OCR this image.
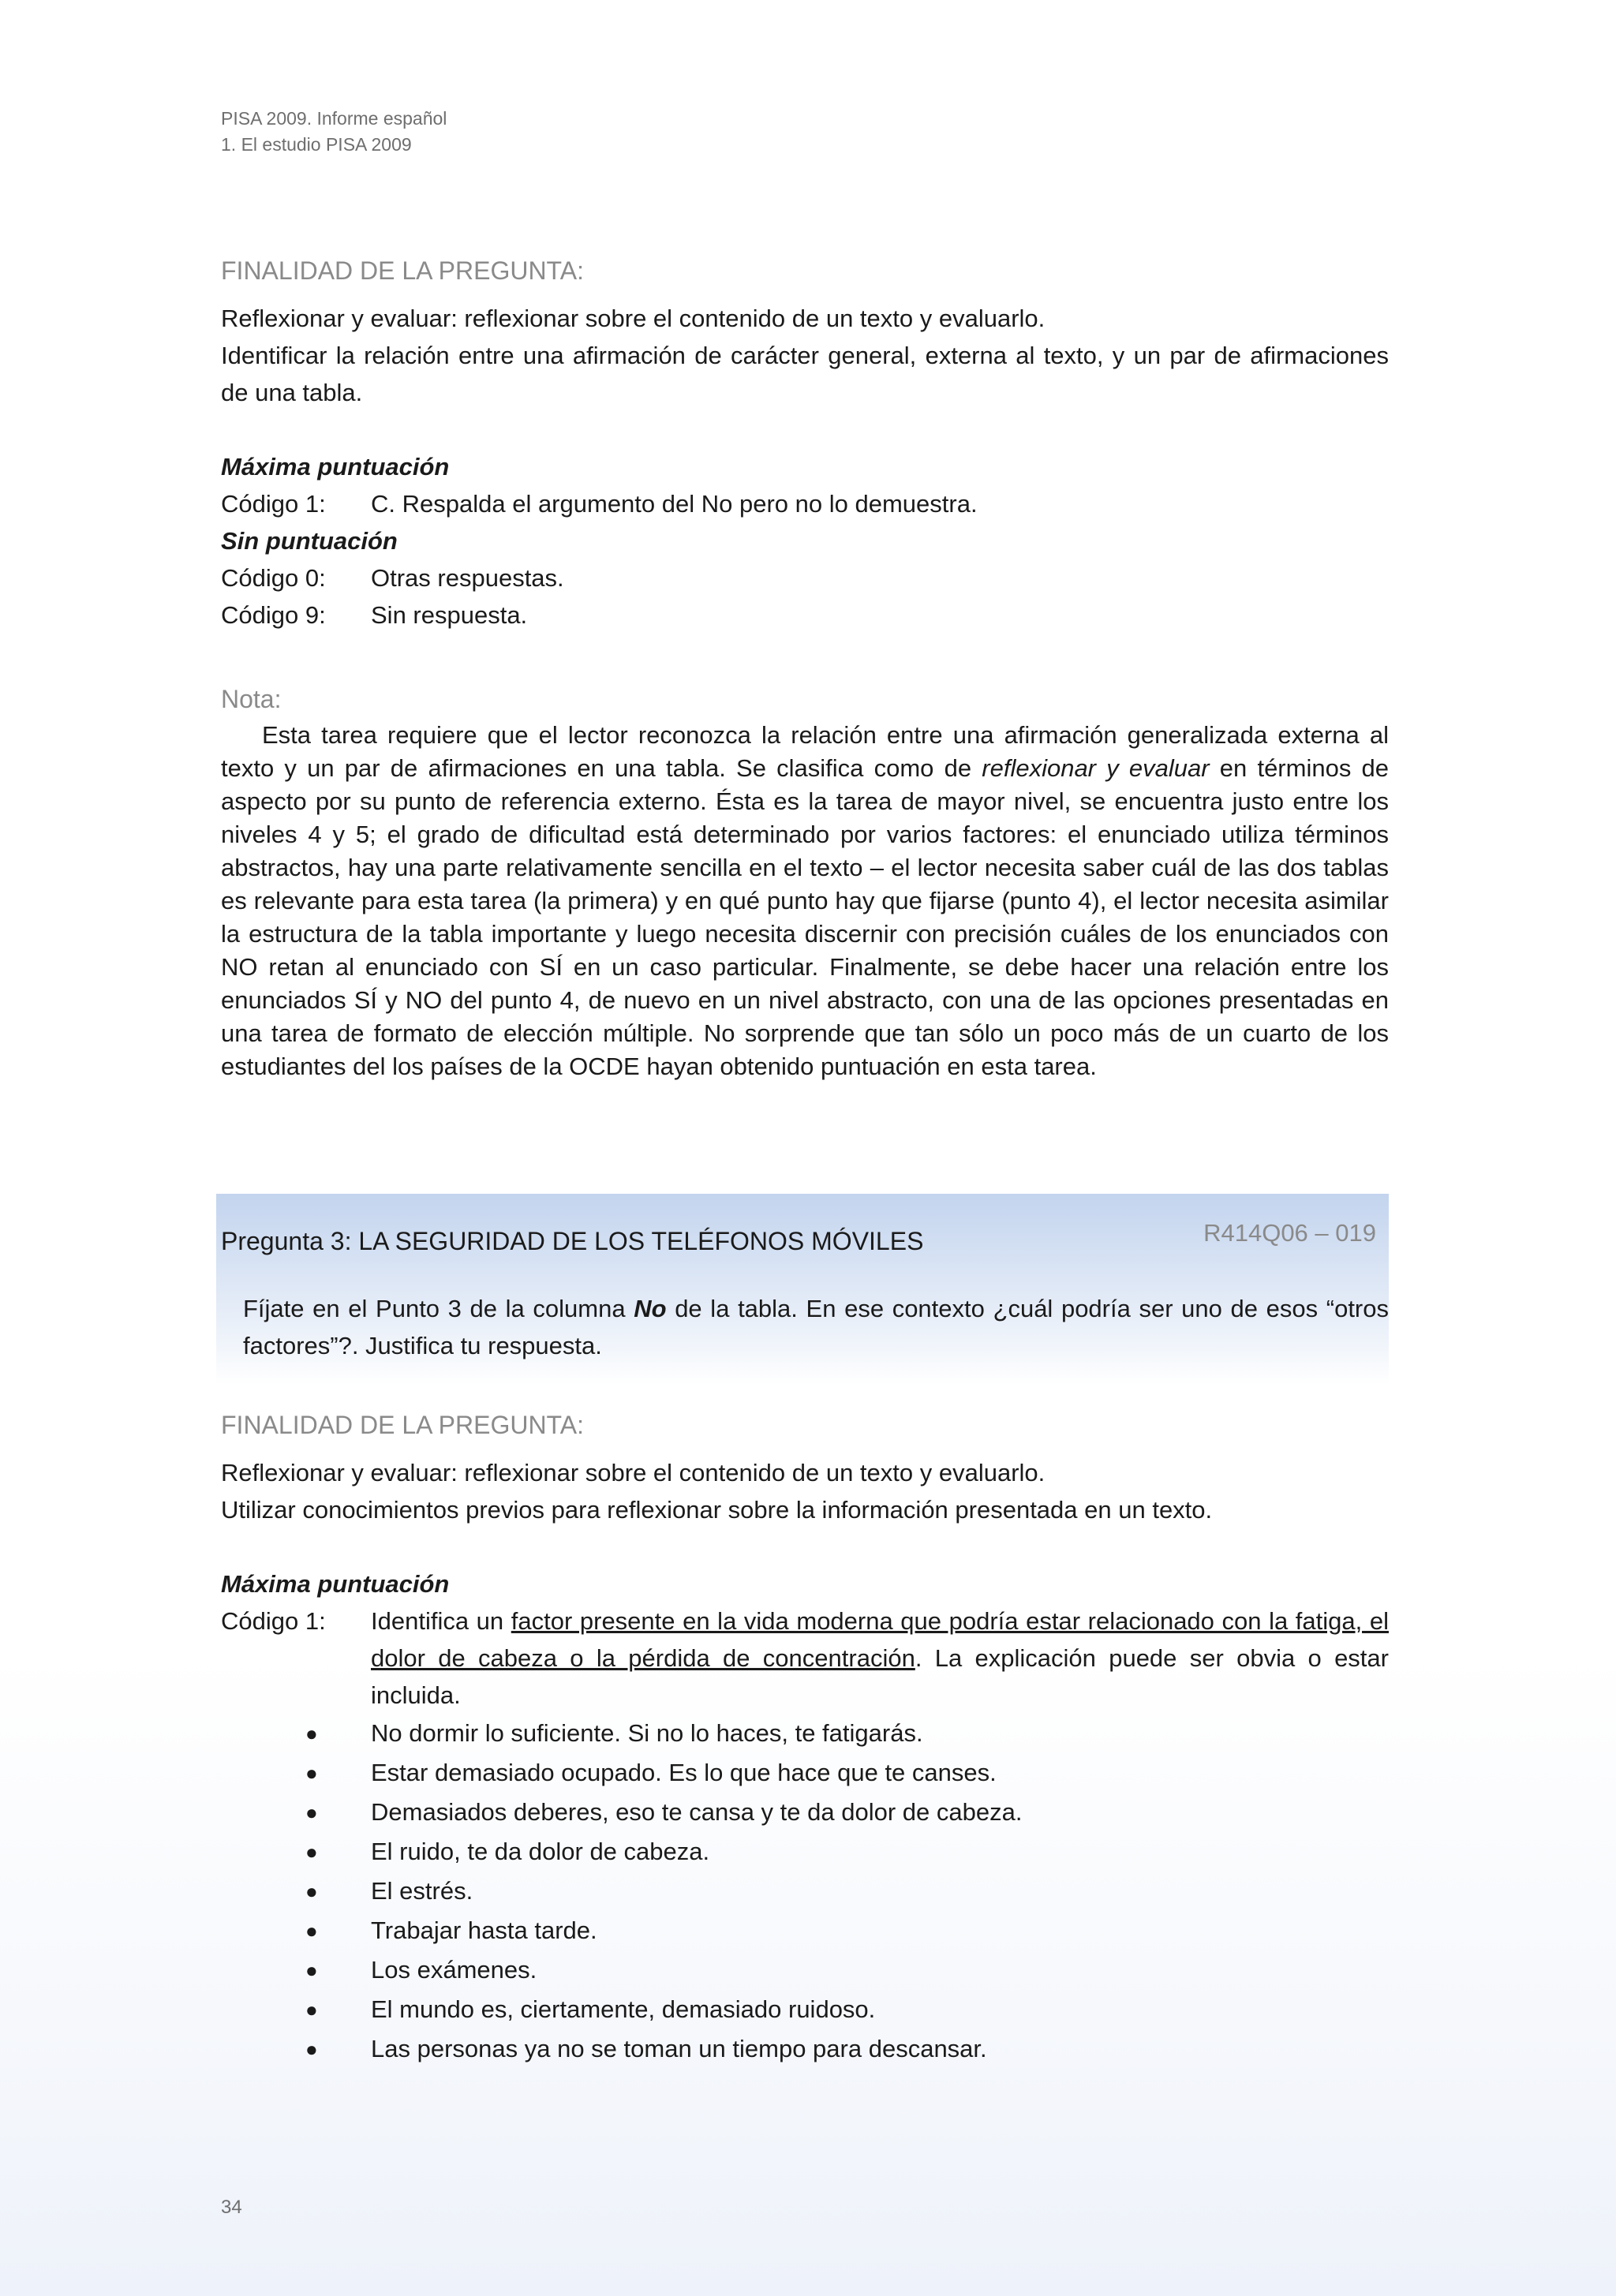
PISA 2009. Informe español
1. El estudio PISA 2009
FINALIDAD DE LA PREGUNTA:

Reflexionar y evaluar: reflexionar sobre el contenido de un texto y evaluarlo.

Identificar la relación entre una afirmación de carácter general, externa al texto, y un par de afirmaciones de una tabla.

Máxima puntuación

Código 1:	C. Respalda el argumento del No pero no lo demuestra.

Sin puntuación

Código 0:	Otras respuestas.
Código 9:	Sin respuesta.
Nota:

Esta tarea requiere que el lector reconozca la relación entre una afirmación generalizada externa al texto y un par de afirmaciones en una tabla. Se clasifica como de reflexionar y evaluar en términos de aspecto por su punto de referencia externo. Ésta es la tarea de mayor nivel, se encuentra justo entre los niveles 4 y 5; el grado de dificultad está determinado por varios factores: el enunciado utiliza términos abstractos, hay una parte relativamente sencilla en el texto – el lector necesita saber cuál de las dos tablas es relevante para esta tarea (la primera) y en qué punto hay que fijarse (punto 4), el lector necesita asimilar la estructura de la tabla importante y luego necesita discernir con precisión cuáles de los enunciados con NO retan al enunciado con SÍ en un caso particular. Finalmente, se debe hacer una relación entre los enunciados SÍ y NO del punto 4, de nuevo en un nivel abstracto, con una de las opciones presentadas en una tarea de formato de elección múltiple. No sorprende que tan sólo un poco más de un cuarto de los estudiantes del los países de la OCDE hayan obtenido puntuación en esta tarea.

Pregunta 3: LA SEGURIDAD DE LOS TELÉFONOS MÓVILES	R414Q06 – 019
Fíjate en el Punto 3 de la columna No de la tabla. En ese contexto ¿cuál podría ser uno de esos “otros factores”?. Justifica tu respuesta.
FINALIDAD DE LA PREGUNTA:

Reflexionar y evaluar: reflexionar sobre el contenido de un texto y evaluarlo.

Utilizar conocimientos previos para reflexionar sobre la información presentada en un texto.

Máxima puntuación

Código 1:	Identifica un factor presente en la vida moderna que podría estar relacionado con la fatiga, el dolor de cabeza o la pérdida de concentración. La explicación puede ser obvia o estar incluida.
●	No dormir lo suficiente. Si no lo haces, te fatigarás.
●	Estar demasiado ocupado. Es lo que hace que te canses.
●	Demasiados deberes, eso te cansa y te da dolor de cabeza.
●	El ruido, te da dolor de cabeza.
●	El estrés.
●	Trabajar hasta tarde.
●	Los exámenes.
●	El mundo es, ciertamente, demasiado ruidoso.
●	Las personas ya no se toman un tiempo para descansar.
34
